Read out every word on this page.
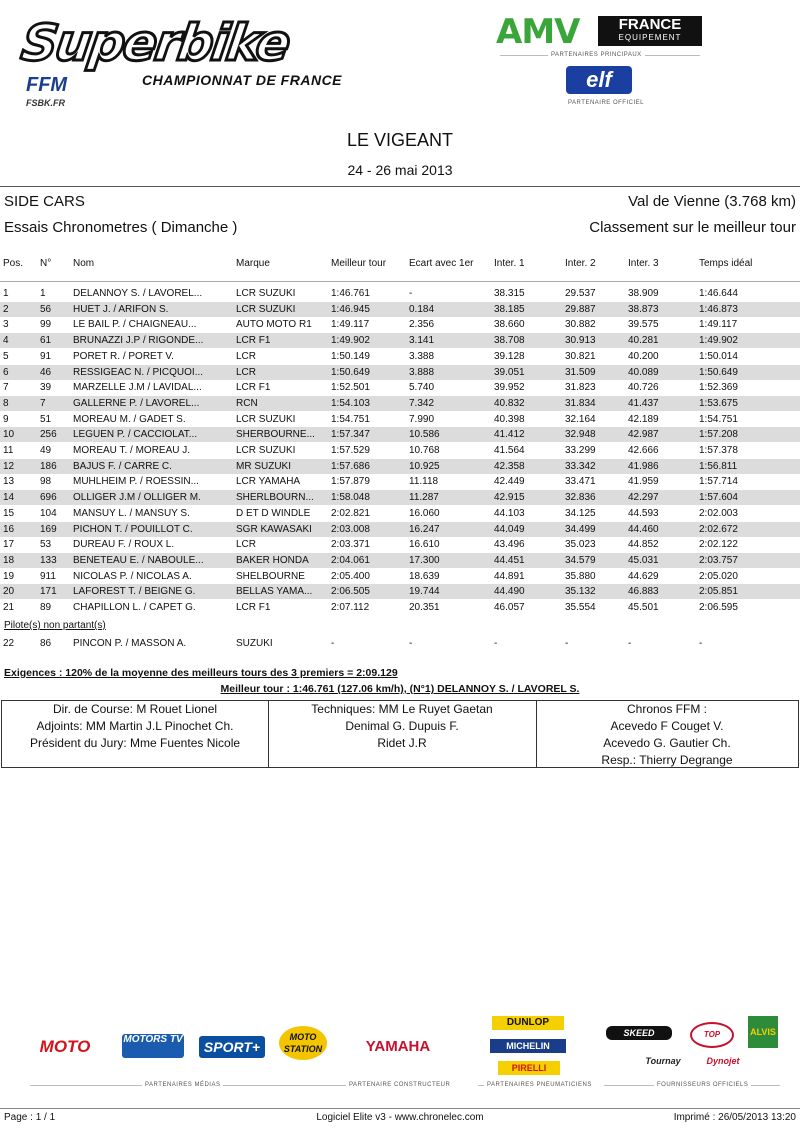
Superbike
CHAMPIONNAT DE FRANCE
FFM
FSBK.FR
AMV	FRANCE
EQUIPEMENT
PARTENAIRES PRINCIPAUX
elf
PARTENAIRE OFFICIEL
LE VIGEANT
24 - 26 mai 2013
SIDE CARS	Val de Vienne (3.768 km)
Essais Chronometres ( Dimanche )	Classement sur le meilleur tour
Pos.	N°	Nom	Marque	Meilleur tour	Ecart avec 1er	Inter. 1	Inter. 2	Inter. 3	Temps idéal
1	1	DELANNOY S. / LAVOREL...	LCR SUZUKI	1:46.761	-	38.315	29.537	38.909	1:46.644
2	56	HUET J. / ARIFON S.	LCR SUZUKI	1:46.945	0.184	38.185	29.887	38.873	1:46.873
3	99	LE BAIL P. / CHAIGNEAU...	AUTO MOTO R1	1:49.117	2.356	38.660	30.882	39.575	1:49.117
4	61	BRUNAZZI J.P / RIGONDE...	LCR F1	1:49.902	3.141	38.708	30.913	40.281	1:49.902
5	91	PORET R. / PORET V.	LCR	1:50.149	3.388	39.128	30.821	40.200	1:50.014
6	46	RESSIGEAC N. / PICQUOI...	LCR	1:50.649	3.888	39.051	31.509	40.089	1:50.649
7	39	MARZELLE J.M / LAVIDAL...	LCR F1	1:52.501	5.740	39.952	31.823	40.726	1:52.369
8	7	GALLERNE P. / LAVOREL...	RCN	1:54.103	7.342	40.832	31.834	41.437	1:53.675
9	51	MOREAU M. / GADET S.	LCR SUZUKI	1:54.751	7.990	40.398	32.164	42.189	1:54.751
10	256	LEGUEN P. / CACCIOLAT...	SHERBOURNE...	1:57.347	10.586	41.412	32.948	42.987	1:57.208
11	49	MOREAU T. / MOREAU J.	LCR SUZUKI	1:57.529	10.768	41.564	33.299	42.666	1:57.378
12	186	BAJUS F. / CARRE C.	MR SUZUKI	1:57.686	10.925	42.358	33.342	41.986	1:56.811
13	98	MUHLHEIM P. / ROESSIN...	LCR YAMAHA	1:57.879	11.118	42.449	33.471	41.959	1:57.714
14	696	OLLIGER J.M / OLLIGER M.	SHERLBOURN...	1:58.048	11.287	42.915	32.836	42.297	1:57.604
15	104	MANSUY L. / MANSUY S.	D ET D WINDLE	2:02.821	16.060	44.103	34.125	44.593	2:02.003
16	169	PICHON T. / POUILLOT C.	SGR KAWASAKI	2:03.008	16.247	44.049	34.499	44.460	2:02.672
17	53	DUREAU F. / ROUX L.	LCR	2:03.371	16.610	43.496	35.023	44.852	2:02.122
18	133	BENETEAU E. / NABOULE...	BAKER HONDA	2:04.061	17.300	44.451	34.579	45.031	2:03.757
19	911	NICOLAS P. / NICOLAS A.	SHELBOURNE	2:05.400	18.639	44.891	35.880	44.629	2:05.020
20	171	LAFOREST T. / BEIGNE G.	BELLAS YAMA...	2:06.505	19.744	44.490	35.132	46.883	2:05.851
21	89	CHAPILLON L. / CAPET G.	LCR F1	2:07.112	20.351	46.057	35.554	45.501	2:06.595
Pilote(s) non partant(s)
22	86	PINCON P. / MASSON A.	SUZUKI	-	-	-	-	-	-
Exigences : 120% de la moyenne des meilleurs tours des 3 premiers = 2:09.129
Meilleur tour : 1:46.761 (127.06 km/h), (N°1) DELANNOY S. / LAVOREL S.
Dir. de Course: M Rouet Lionel
Adjoints: MM Martin J.L Pinochet Ch.
Président du Jury: Mme Fuentes Nicole
Techniques: MM Le Ruyet Gaetan
Denimal G. Dupuis F.
Ridet J.R
Chronos FFM :
Acevedo F Couget V.
Acevedo G. Gautier Ch.
Resp.: Thierry Degrange
MOTO	MOTORS TV	SPORT+
MOTO STATION	YAMAHA
DUNLOP
MICHELIN
PIRELLI
SKEED	TOP	ALVIS
Tournay	Dynojet
PARTENAIRES MÉDIAS	PARTENAIRE CONSTRUCTEUR	PARTENAIRES PNEUMATICIENS	FOURNISSEURS OFFICIELS
Page : 1 / 1	Logiciel Elite v3 - www.chronelec.com	Imprimé : 26/05/2013 13:20
